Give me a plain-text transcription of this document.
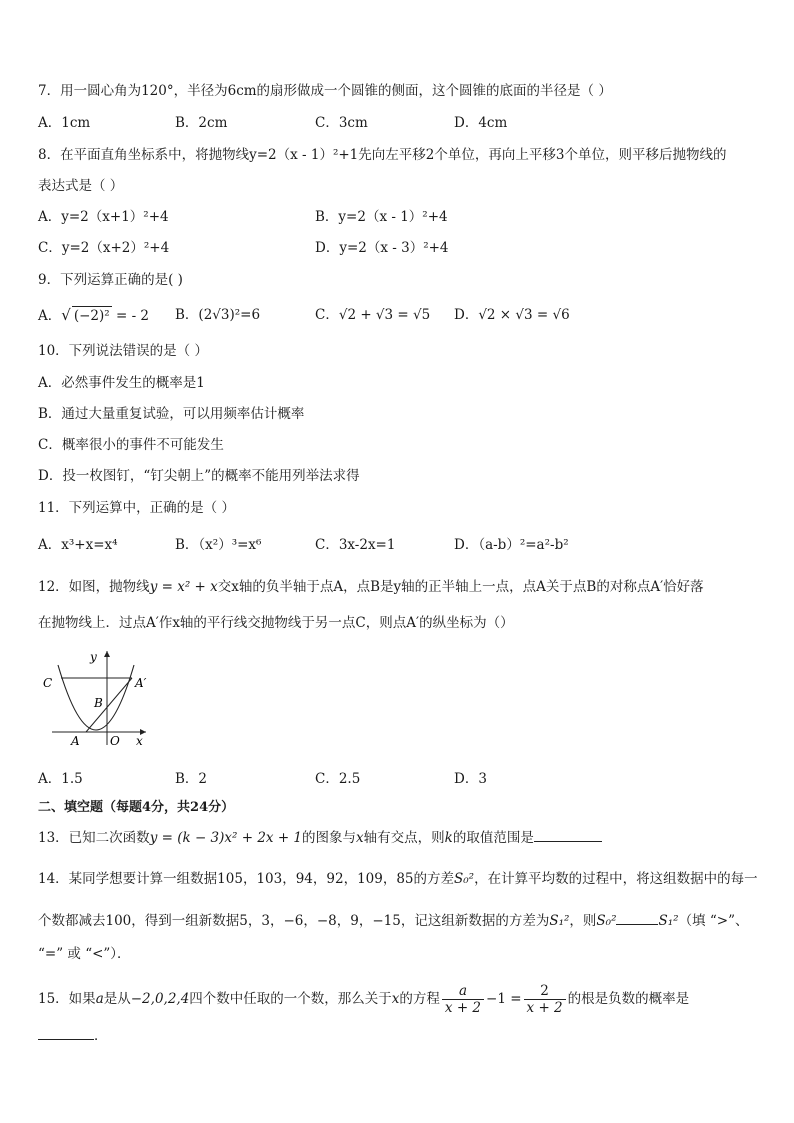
7．用一圆心角为120°，半径为6cm的扇形做成一个圆锥的侧面，这个圆锥的底面的半径是（ ）
A．1cm	B．2cm	C．3cm	D．4cm
8．在平面直角坐标系中，将抛物线y=2（x - 1）²+1先向左平移2个单位，再向上平移3个单位，则平移后抛物线的
表达式是（ ）
A．y=2（x+1）²+4	B．y=2（x - 1）²+4
C．y=2（x+2）²+4	D．y=2（x - 3）²+4
9．下列运算正确的是( )
A．√ (−2)² = - 2 B．(2√3)²=6	C．√2 + √3 = √5 D．√2 × √3 = √6
10．下列说法错误的是（ ）
A．必然事件发生的概率是1
B．通过大量重复试验，可以用频率估计概率
C．概率很小的事件不可能发生
D．投一枚图钉，“钉尖朝上”的概率不能用列举法求得
11．下列运算中，正确的是（ ）
A．x³+x=x⁴	B．（x²）³=x⁶	C．3x-2x=1	D．（a-b）²=a²-b²
12．如图，抛物线y = x² + x交x轴的负半轴于点A，点B是y轴的正半轴上一点，点A关于点B的对称点A′恰好落
在抛物线上．过点A′作x轴的平行线交抛物线于另一点C，则点A′的纵坐标为（）
y
x
C	A′
B
A	O
A．1.5	B．2	C．2.5	D．3
二、填空题（每题4分，共24分）
13．已知二次函数y = (k − 3)x² + 2x + 1的图象与x轴有交点，则k的取值范围是
14．某同学想要计算一组数据105，103，94，92，109，85的方差S₀²，在计算平均数的过程中，将这组数据中的每一
个数都减去100，得到一组新数据5，3，−6，−8，9，−15，记这组新数据的方差为S₁²，则S₀²	S₁²（填 “>”、
“=” 或 “<”）．
15．如果a是从−2,0,2,4四个数中任取的一个数，那么关于x的方程 $\frac{a}{x + 2} -1 = \frac{2}{x + 2}$ 的根是负数的概率是
．
